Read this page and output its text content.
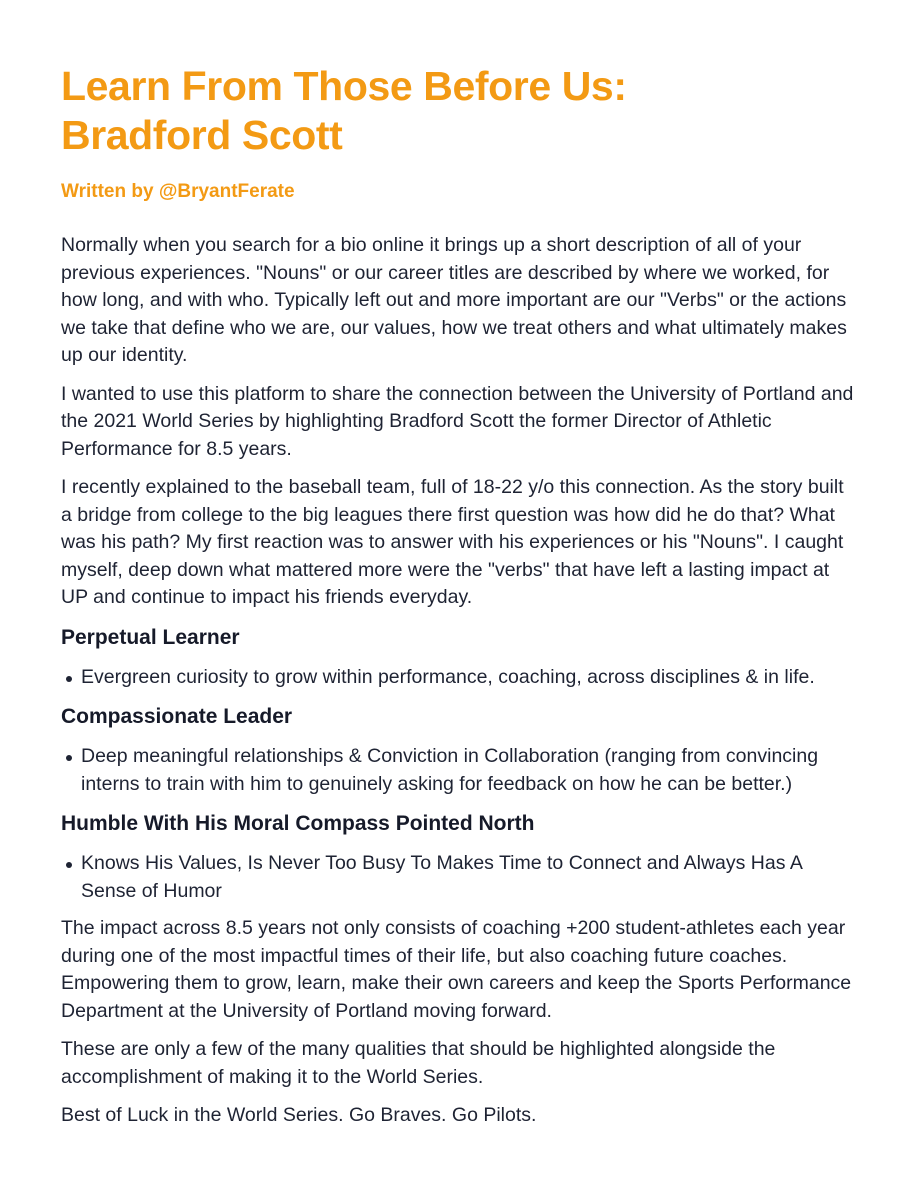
Learn From Those Before Us:
Bradford Scott
Written by @BryantFerate

Normally when you search for a bio online it brings up a short description of all of your previous experiences. "Nouns" or our career titles are described by where we worked, for how long, and with who. Typically left out and more important are our "Verbs" or the actions we take that define who we are, our values, how we treat others and what ultimately makes up our identity.

I wanted to use this platform to share the connection between the University of Portland and the 2021 World Series by highlighting Bradford Scott the former Director of Athletic Performance for 8.5 years.

I recently explained to the baseball team, full of 18-22 y/o this connection. As the story built a bridge from college to the big leagues there first question was how did he do that? What was his path? My first reaction was to answer with his experiences or his "Nouns". I caught myself, deep down what mattered more were the "verbs" that have left a lasting impact at UP and continue to impact his friends everyday.

Perpetual Learner
Evergreen curiosity to grow within performance, coaching, across disciplines & in life.
Compassionate Leader
Deep meaningful relationships & Conviction in Collaboration (ranging from convincing interns to train with him to genuinely asking for feedback on how he can be better.)
Humble With His Moral Compass Pointed North
Knows His Values, Is Never Too Busy To Makes Time to Connect and Always Has A Sense of Humor

The impact across 8.5 years not only consists of coaching +200 student-athletes each year during one of the most impactful times of their life, but also coaching future coaches. Empowering them to grow, learn, make their own careers and keep the Sports Performance Department at the University of Portland moving forward.

These are only a few of the many qualities that should be highlighted alongside the accomplishment of making it to the World Series.

Best of Luck in the World Series. Go Braves. Go Pilots.
